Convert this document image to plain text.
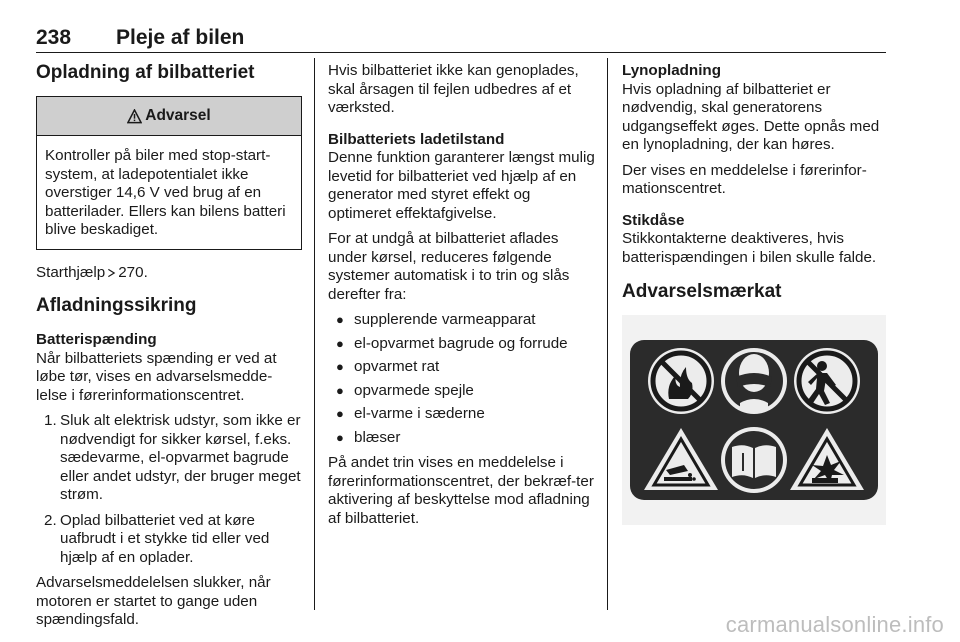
238 Pleje af bilen
Opladning af bilbatteriet
Advarsel
Kontroller på biler med stop-start-system, at ladepotentialet ikke overstiger 14,6 V ved brug af en batterilader. Ellers kan bilens batteri blive beskadiget.

Starthjælp 270.

Afladningssikring
Batterispænding

Når bilbatteriets spænding er ved at løbe tør, vises en advarselsmedde-lelse i førerinformationscentret.

1. Sluk alt elektrisk udstyr, som ikke er nødvendigt for sikker kørsel, f.eks. sædevarme, el-opvarmet bagrude eller andet udstyr, der bruger meget strøm.
2. Oplad bilbatteriet ved at køre uafbrudt i et stykke tid eller ved hjælp af en oplader.

Advarselsmeddelelsen slukker, når motoren er startet to gange uden spændingsfald.

Hvis bilbatteriet ikke kan genoplades, skal årsagen til fejlen udbedres af et værksted.

Bilbatteriets ladetilstand

Denne funktion garanterer længst mulig levetid for bilbatteriet ved hjælp af en generator med styret effekt og optimeret effektafgivelse.

For at undgå at bilbatteriet aflades under kørsel, reduceres følgende systemer automatisk i to trin og slås derefter fra:

● supplerende varmeapparat
● el-opvarmet bagrude og forrude
● opvarmet rat
● opvarmede spejle
● el-varme i sæderne
● blæser

På andet trin vises en meddelelse i førerinformationscentret, der bekræf-ter aktivering af beskyttelse mod afladning af bilbatteriet.

Lynopladning

Hvis opladning af bilbatteriet er nødvendig, skal generatorens udgangseffekt øges. Dette opnås med en lynopladning, der kan høres.

Der vises en meddelelse i førerinfor-mationscentret.

Stikdåse

Stikkontakterne deaktiveres, hvis batterispændingen i bilen skulle falde.

Advarselsmærkat
carmanualsonline.info
